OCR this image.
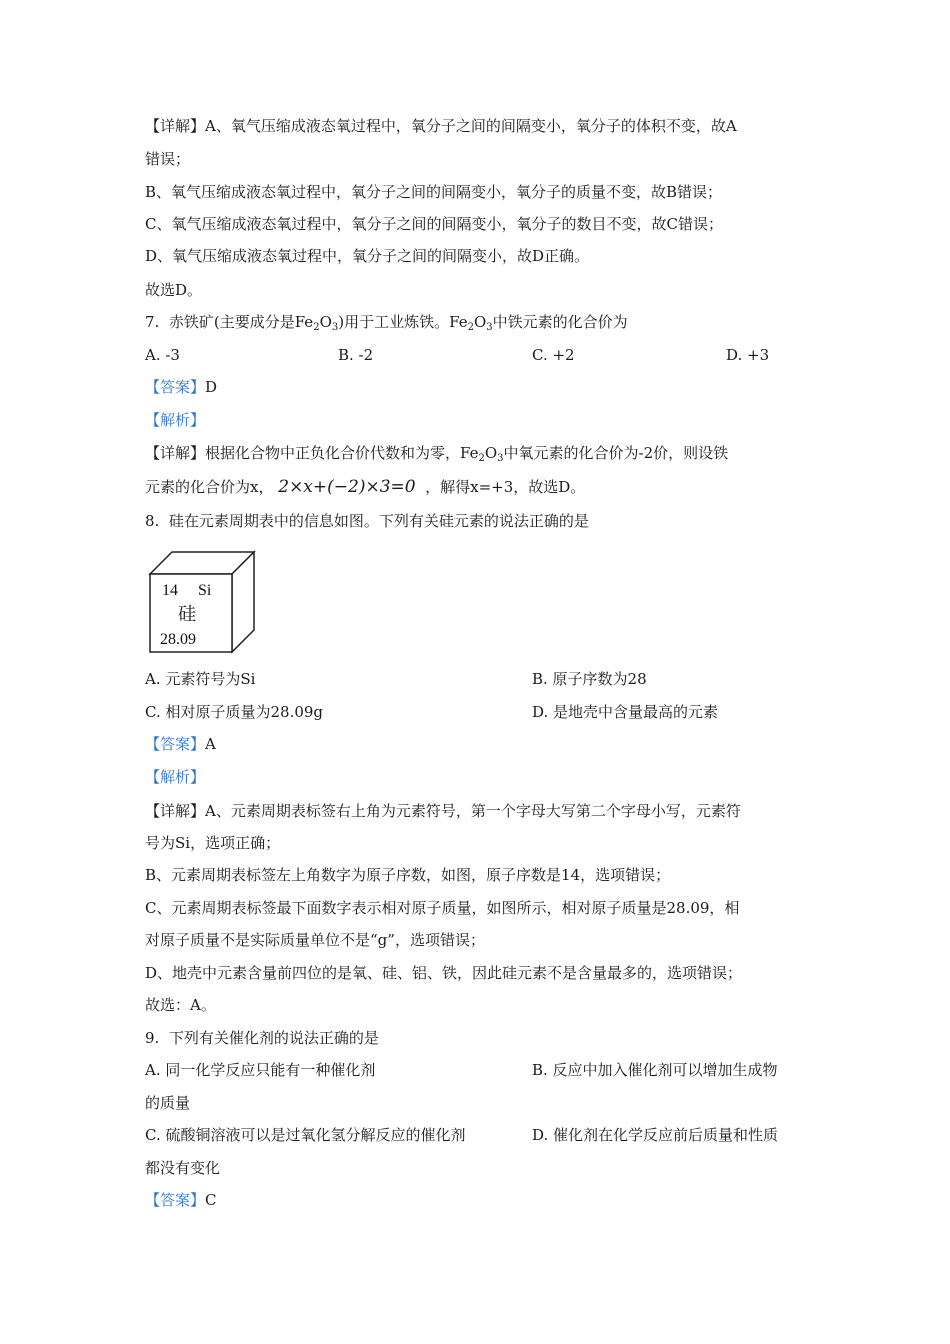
【详解】A、氧气压缩成液态氧过程中，氧分子之间的间隔变小，氧分子的体积不变，故A
错误；
B、氧气压缩成液态氧过程中，氧分子之间的间隔变小，氧分子的质量不变，故B错误；
C、氧气压缩成液态氧过程中，氧分子之间的间隔变小，氧分子的数目不变，故C错误；
D、氧气压缩成液态氧过程中，氧分子之间的间隔变小，故D正确。
故选D。
7. 赤铁矿(主要成分是$Fe_2O_3$)用于工业炼铁。$Fe_2O_3$中铁元素的化合价为
A. -3	B. -2	C. +2	D. +3
【答案】D
【解析】
【详解】根据化合物中正负化合价代数和为零，$Fe_2O_3$中氧元素的化合价为-2价，则设铁
元素的化合价为x， 2×x+(−2)×3=0 ，解得x=+3，故选D。
8. 硅在元素周期表中的信息如图。下列有关硅元素的说法正确的是
14 Si
硅
28.09
A. 元素符号为Si	B. 原子序数为28
C. 相对原子质量为28.09g	D. 是地壳中含量最高的元素
【答案】A
【解析】
【详解】A、元素周期表标签右上角为元素符号，第一个字母大写第二个字母小写，元素符
号为Si，选项正确；
B、元素周期表标签左上角数字为原子序数，如图，原子序数是14，选项错误；
C、元素周期表标签最下面数字表示相对原子质量，如图所示，相对原子质量是28.09，相
对原子质量不是实际质量单位不是“g”，选项错误；
D、地壳中元素含量前四位的是氧、硅、铝、铁，因此硅元素不是含量最多的，选项错误；
故选：A。
9. 下列有关催化剂的说法正确的是
A. 同一化学反应只能有一种催化剂	B. 反应中加入催化剂可以增加生成物
的质量
C. 硫酸铜溶液可以是过氧化氢分解反应的催化剂	D. 催化剂在化学反应前后质量和性质
都没有变化
【答案】C
